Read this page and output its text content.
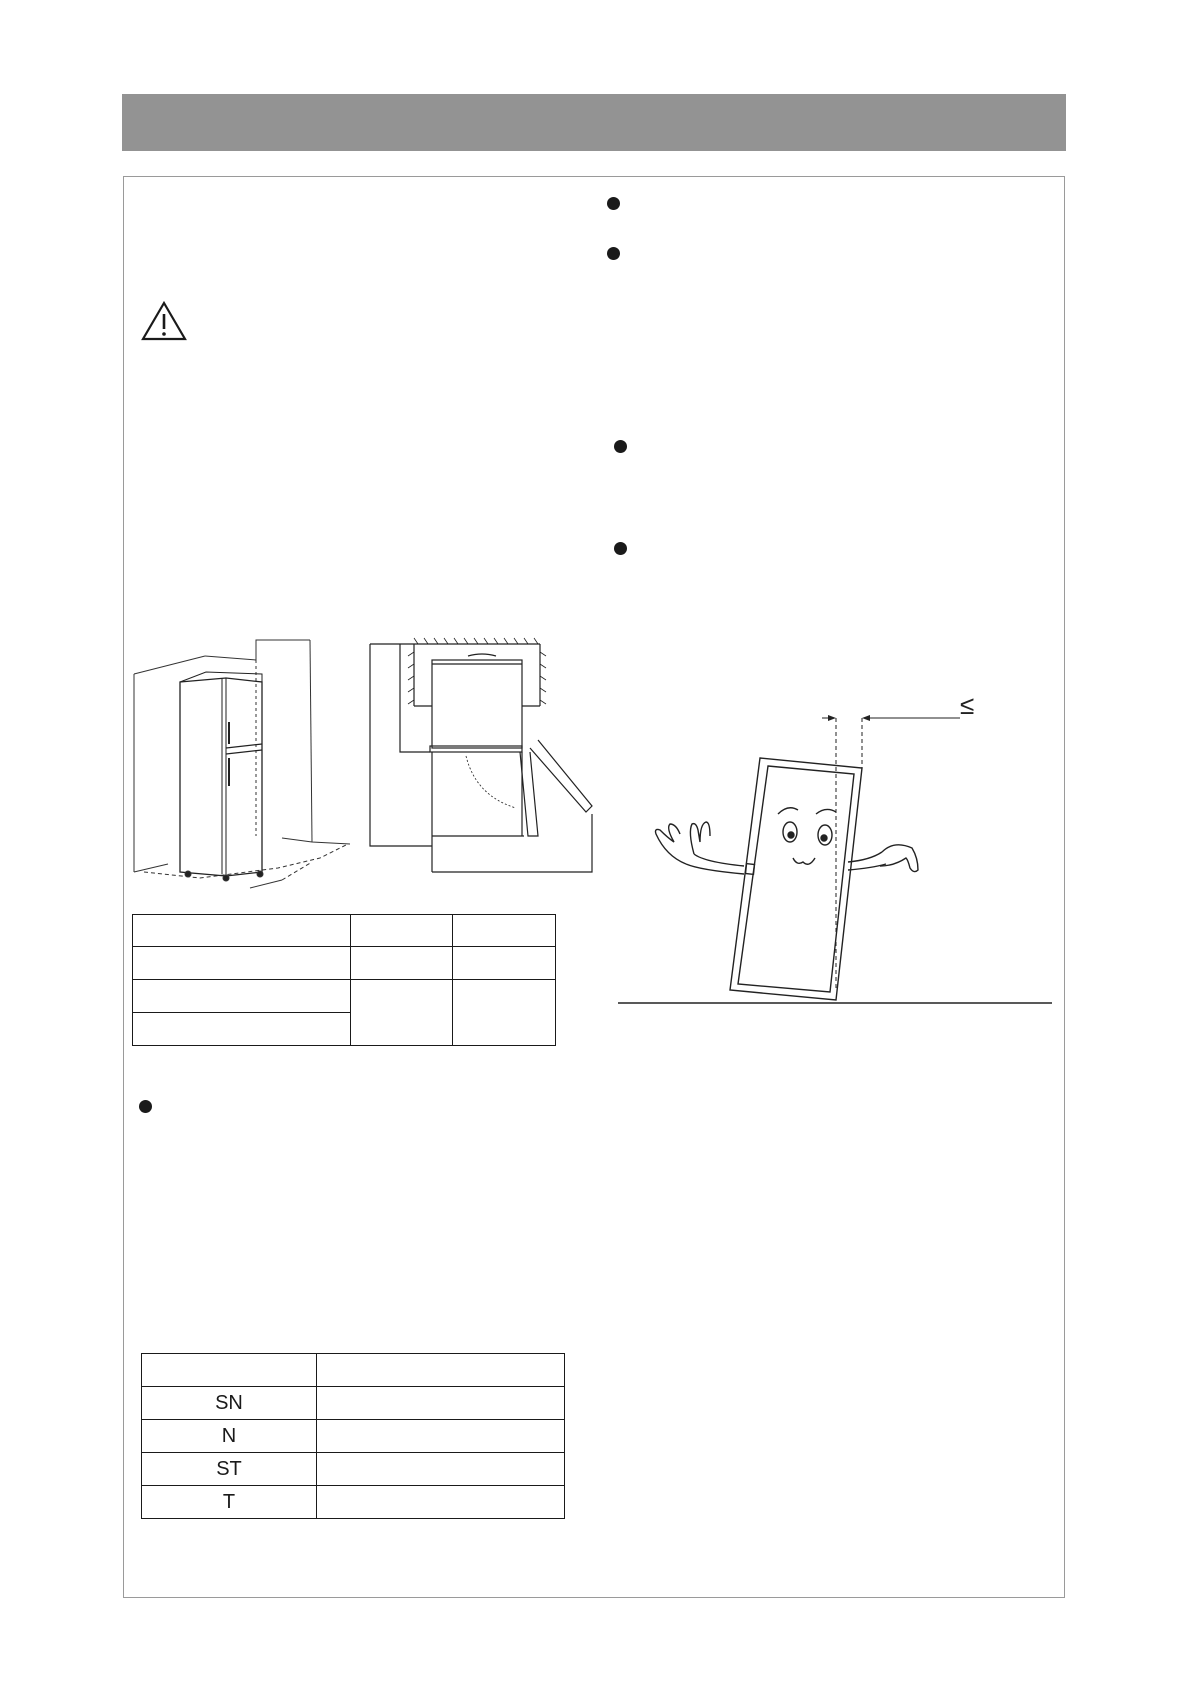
SN	
N	
ST	
T	
≤
